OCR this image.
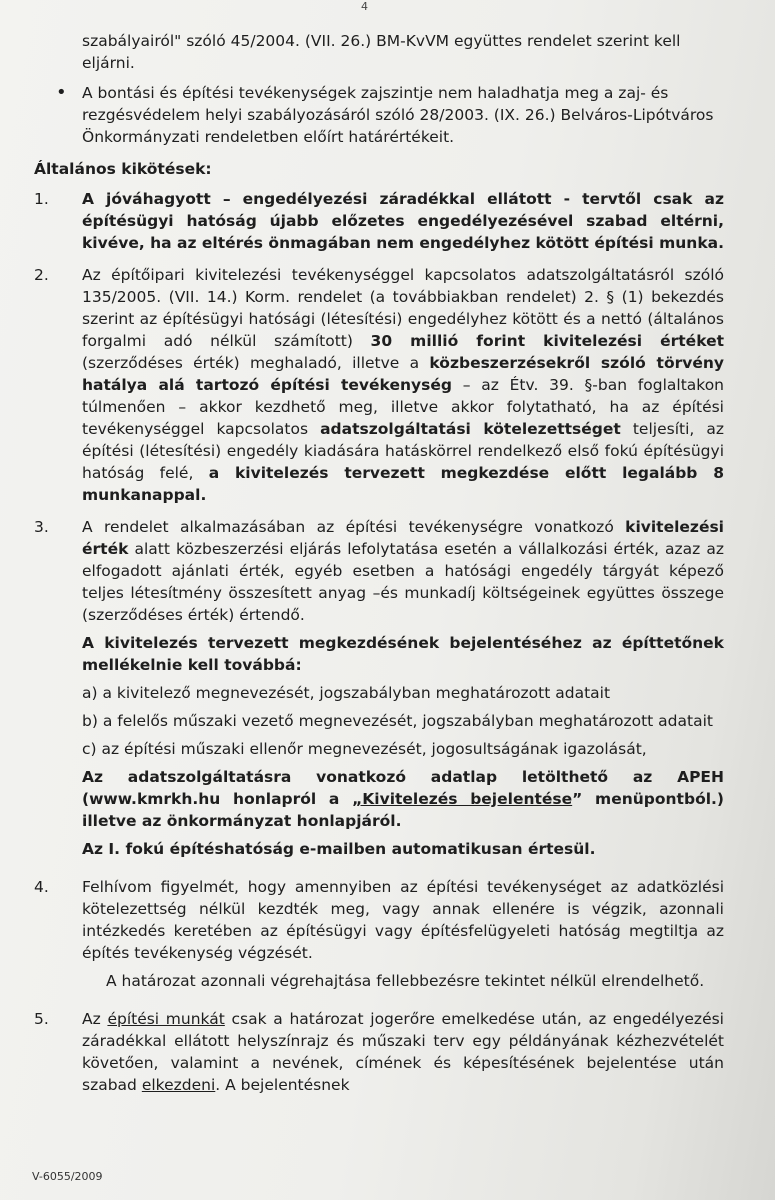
4

szabályairól" szóló 45/2004. (VII. 26.) BM-KvVM együttes rendelet szerint kell eljárni.

• A bontási és építési tevékenységek zajszintje nem haladhatja meg a zaj- és rezgésvédelem helyi szabályozásáról szóló 28/2003. (IX. 26.) Belváros-Lipótváros Önkormányzati rendeletben előírt határértékeit.
Általános kikötések:
1.	A jóváhagyott – engedélyezési záradékkal ellátott - tervtől csak az építésügyi hatóság újabb előzetes engedélyezésével szabad eltérni, kivéve, ha az eltérés önmagában nem engedélyhez kötött építési munka.
2.	Az építőipari kivitelezési tevékenységgel kapcsolatos adatszolgáltatásról szóló 135/2005. (VII. 14.) Korm. rendelet (a továbbiakban rendelet) 2. § (1) bekezdés szerint az építésügyi hatósági (létesítési) engedélyhez kötött és a nettó (általános forgalmi adó nélkül számított) 30 millió forint kivitelezési értéket (szerződéses érték) meghaladó, illetve a közbeszerzésekről szóló törvény hatálya alá tartozó építési tevékenység – az Étv. 39. §-ban foglaltakon túlmenően – akkor kezdhető meg, illetve akkor folytatható, ha az építési tevékenységgel kapcsolatos adatszolgáltatási kötelezettséget teljesíti, az építési (létesítési) engedély kiadására hatáskörrel rendelkező első fokú építésügyi hatóság felé, a kivitelezés tervezett megkezdése előtt legalább 8 munkanappal.
3.	A rendelet alkalmazásában az építési tevékenységre vonatkozó kivitelezési érték alatt közbeszerzési eljárás lefolytatása esetén a vállalkozási érték, azaz az elfogadott ajánlati érték, egyéb esetben a hatósági engedély tárgyát képező teljes létesítmény összesített anyag –és munkadíj költségeinek együttes összege (szerződéses érték) értendő.

A kivitelezés tervezett megkezdésének bejelentéséhez az építtetőnek mellékelnie kell továbbá:

a) a kivitelező megnevezését, jogszabályban meghatározott adatait

b) a felelős műszaki vezető megnevezését, jogszabályban meghatározott adatait

c) az építési műszaki ellenőr megnevezését, jogosultságának igazolását,

Az adatszolgáltatásra vonatkozó adatlap letölthető az APEH (www.kmrkh.hu honlapról a „Kivitelezés bejelentése” menüpontból.) illetve az önkormányzat honlapjáról.

Az I. fokú építéshatóság e-mailben automatikusan értesül.

4.	Felhívom figyelmét, hogy amennyiben az építési tevékenységet az adatközlési kötelezettség nélkül kezdték meg, vagy annak ellenére is végzik, azonnali intézkedés keretében az építésügyi vagy építésfelügyeleti hatóság megtiltja az építés tevékenység végzését.

A határozat azonnali végrehajtása fellebbezésre tekintet nélkül elrendelhető.

5.	Az építési munkát csak a határozat jogerőre emelkedése után, az engedélyezési záradékkal ellátott helyszínrajz és műszaki terv egy példányának kézhezvételét követően, valamint a nevének, címének és képesítésének bejelentése után szabad elkezdeni. A bejelentésnek
V-6055/2009
